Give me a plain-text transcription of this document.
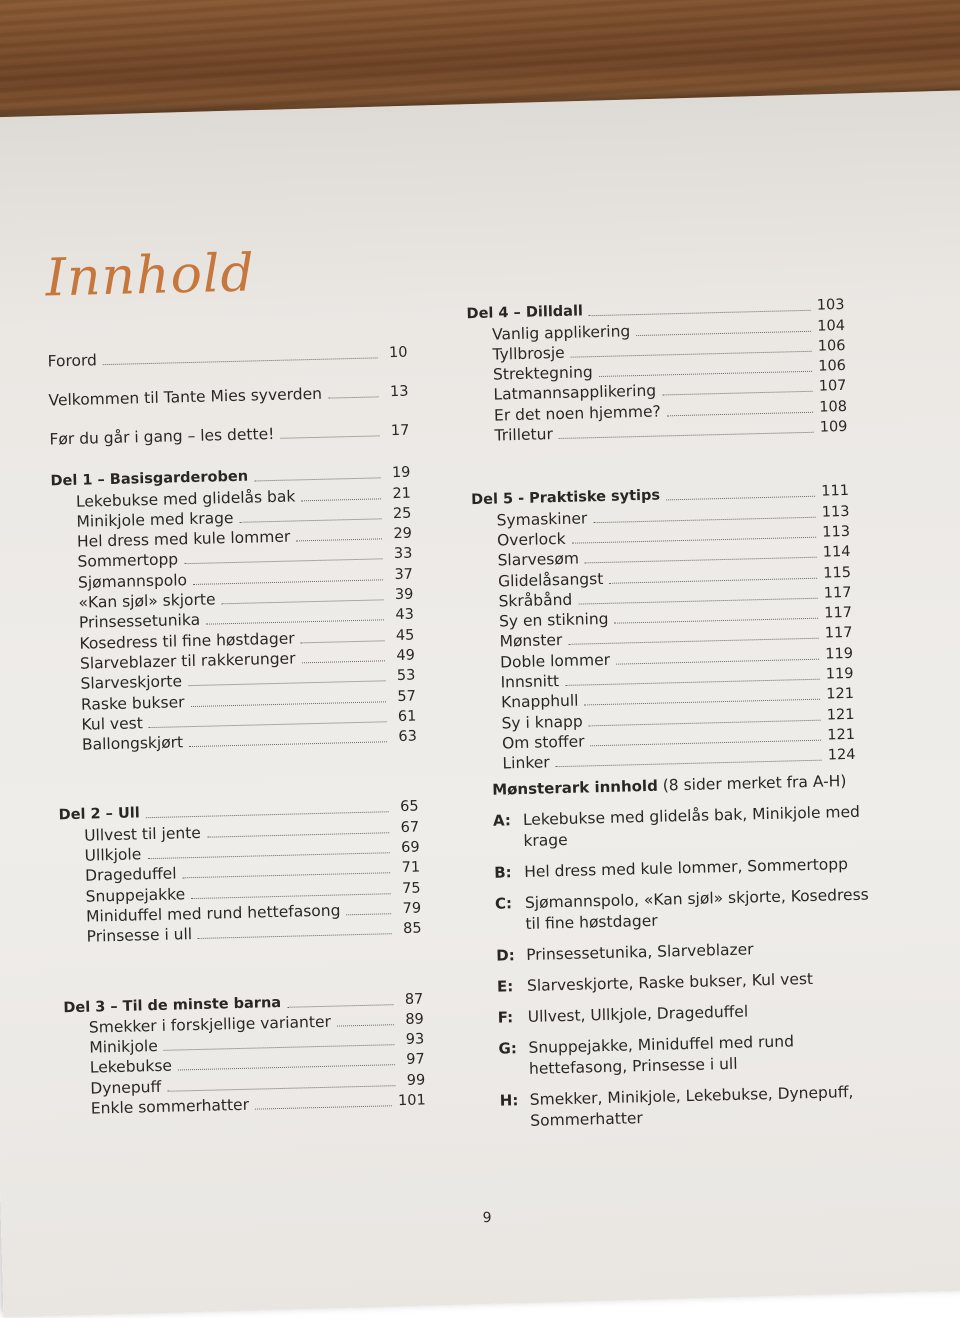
Innhold
Forord	10
Velkommen til Tante Mies syverden	13
Før du går i gang – les dette!	17
Del 1 – Basisgarderoben	19
Lekebukse med glidelås bak	21
Minikjole med krage	25
Hel dress med kule lommer	29
Sommertopp	33
Sjømannspolo	37
«Kan sjøl» skjorte	39
Prinsessetunika	43
Kosedress til fine høstdager	45
Slarveblazer til rakkerunger	49
Slarveskjorte	53
Raske bukser	57
Kul vest	61
Ballongskjørt	63
Del 2 – Ull	65
Ullvest til jente	67
Ullkjole	69
Drageduffel	71
Snuppejakke	75
Miniduffel med rund hettefasong	79
Prinsesse i ull	85
Del 3 – Til de minste barna	87
Smekker i forskjellige varianter	89
Minikjole	93
Lekebukse	97
Dynepuff	99
Enkle sommerhatter	101
Del 4 – Dilldall	103
Vanlig applikering	104
Tyllbrosje	106
Strektegning	106
Latmannsapplikering	107
Er det noen hjemme?	108
Trilletur	109
Del 5 - Praktiske sytips	111
Symaskiner	113
Overlock	113
Slarvesøm	114
Glidelåsangst	115
Skråbånd	117
Sy en stikning	117
Mønster	117
Doble lommer	119
Innsnitt	119
Knapphull	121
Sy i knapp	121
Om stoffer	121
Linker	124
Mønsterark innhold (8 sider merket fra A-H)
A: Lekebukse med glidelås bak, Minikjole med krage
B: Hel dress med kule lommer, Sommertopp
C: Sjømannspolo, «Kan sjøl» skjorte, Kosedress til fine høstdager
D: Prinsessetunika, Slarveblazer
E: Slarveskjorte, Raske bukser, Kul vest
F: Ullvest, Ullkjole, Drageduffel
G: Snuppejakke, Miniduffel med rund hettefasong, Prinsesse i ull
H: Smekker, Minikjole, Lekebukse, Dynepuff, Sommerhatter
9
